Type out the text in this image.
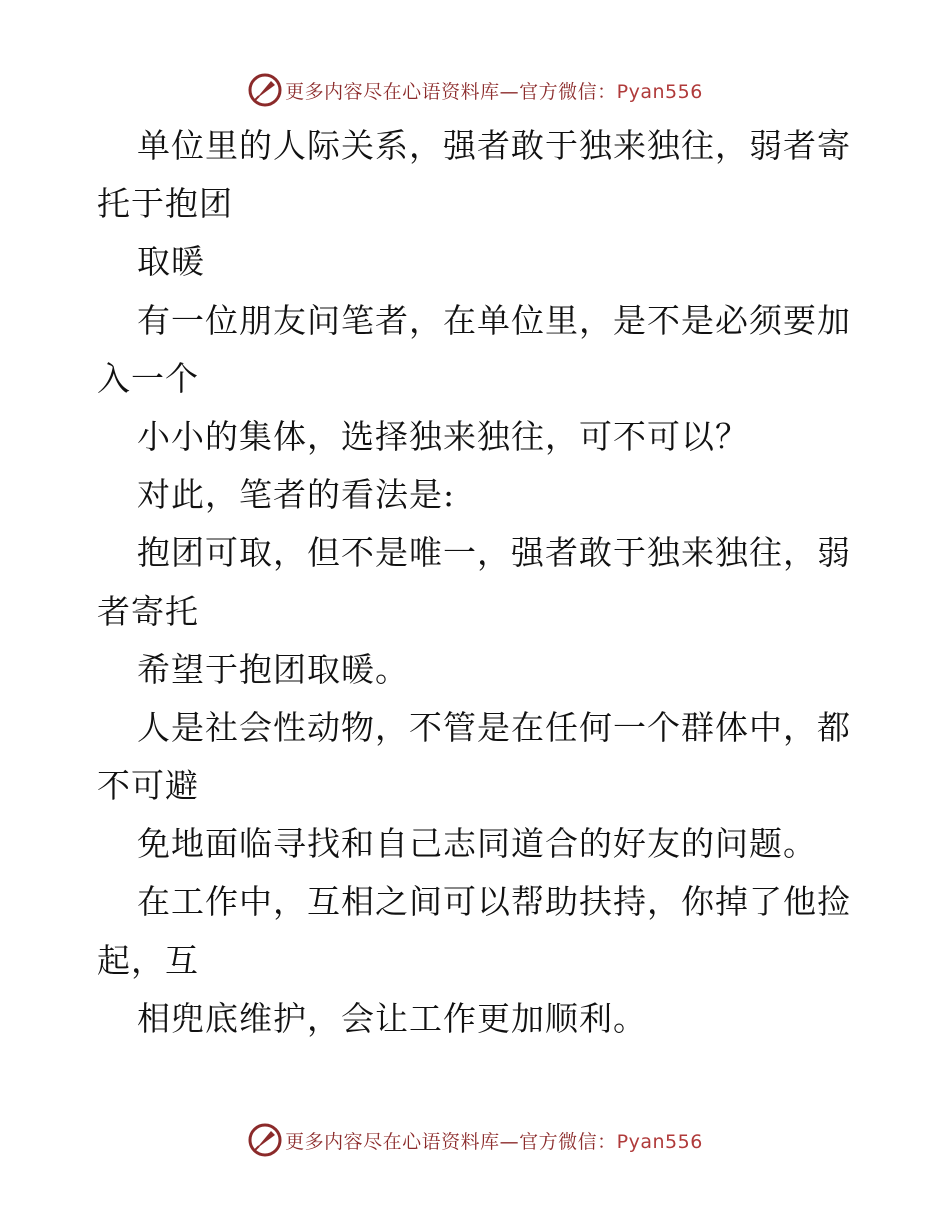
更多内容尽在心语资料库—官方微信：Pyan556
单位里的人际关系，强者敢于独来独往，弱者寄
托于抱团
取暖
有一位朋友问笔者，在单位里，是不是必须要加
入一个
小小的集体，选择独来独往，可不可以？
对此，笔者的看法是:
抱团可取，但不是唯一，强者敢于独来独往，弱
者寄托
希望于抱团取暖。
人是社会性动物，不管是在任何一个群体中，都
不可避
免地面临寻找和自己志同道合的好友的问题。
在工作中，互相之间可以帮助扶持，你掉了他捡
起，互
相兜底维护，会让工作更加顺利。
更多内容尽在心语资料库—官方微信：Pyan556
